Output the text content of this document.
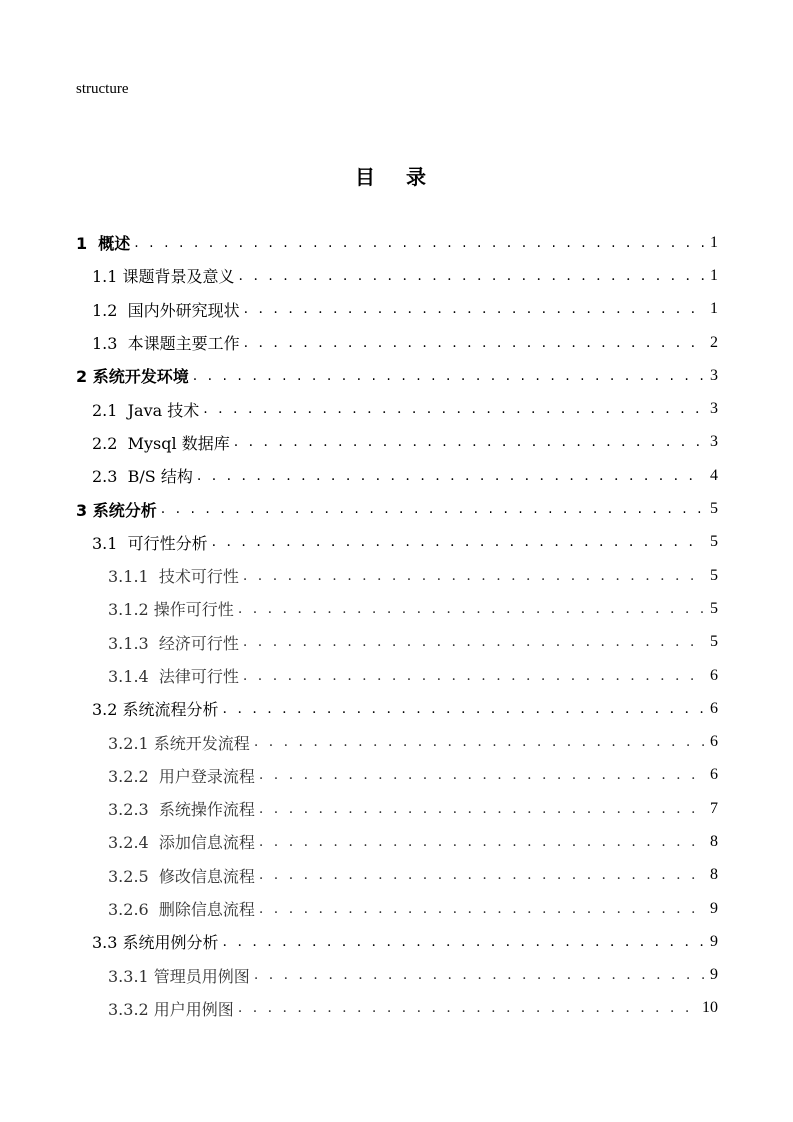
structure
目 录
1  概述 . . .	1
1.1 课题背景及意义 . . .	1
1.2  国内外研究现状 . . .	1
1.3  本课题主要工作 . . .	2
2 系统开发环境 . . .	3
2.1  Java 技术 . . .	3
2.2  Mysql 数据库 . . .	3
2.3  B/S 结构 . . .	4
3 系统分析 . . .	5
3.1  可行性分析 . . .	5
3.1.1  技术可行性 . . .	5
3.1.2 操作可行性 . . .	5
3.1.3  经济可行性 . . .	5
3.1.4  法律可行性 . . .	6
3.2 系统流程分析 . . .	6
3.2.1 系统开发流程 . . .	6
3.2.2  用户登录流程 . . .	6
3.2.3  系统操作流程 . . .	7
3.2.4  添加信息流程 . . .	8
3.2.5  修改信息流程 . . .	8
3.2.6  删除信息流程 . . .	9
3.3 系统用例分析 . . .	9
3.3.1 管理员用例图 . . .	9
3.3.2 用户用例图 . . .	10
